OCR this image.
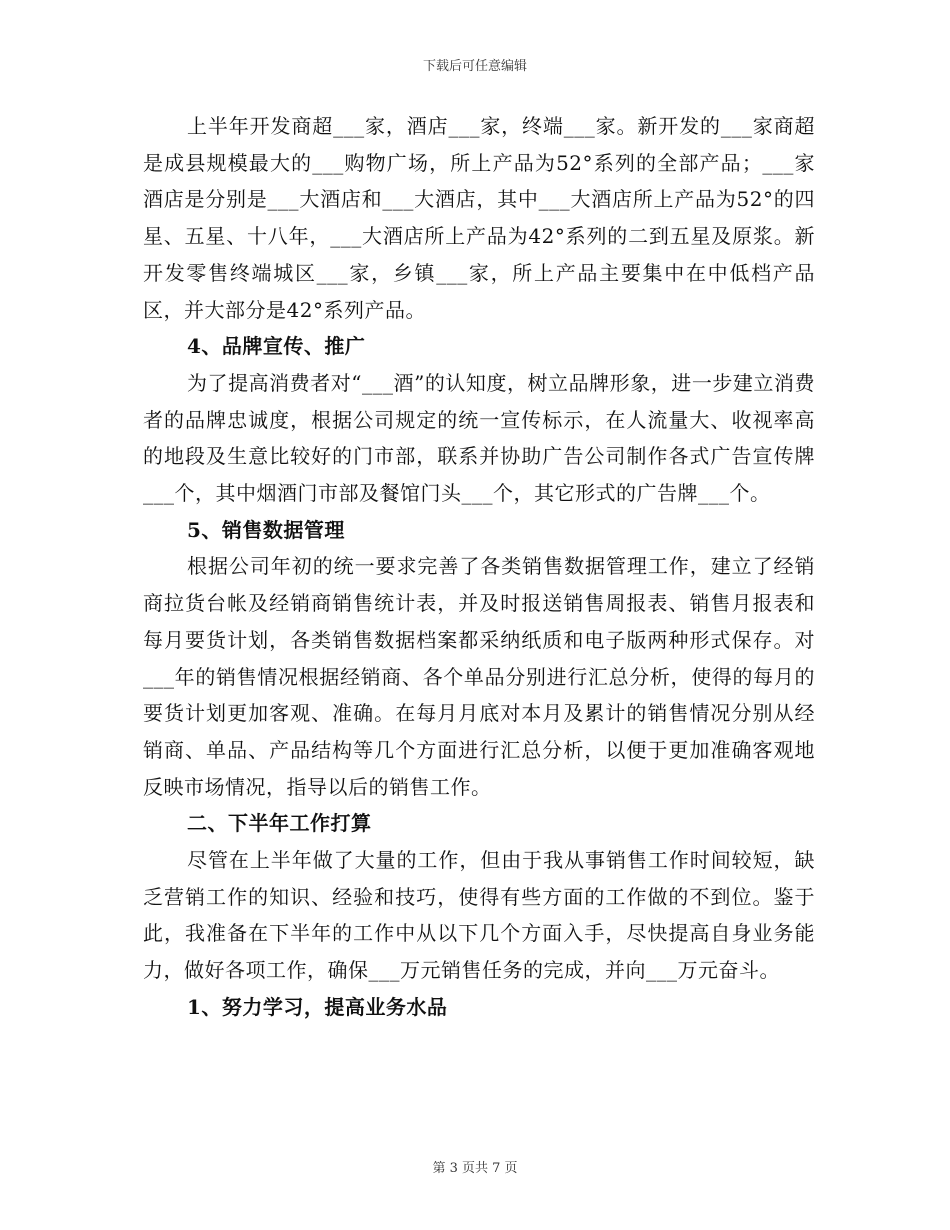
下载后可任意编辑

上半年开发商超___家，酒店___家，终端___家。新开发的___家商超是成县规模最大的___购物广场，所上产品为52°系列的全部产品；___家酒店是分别是___大酒店和___大酒店，其中___大酒店所上产品为52°的四星、五星、十八年，___大酒店所上产品为42°系列的二到五星及原浆。新开发零售终端城区___家，乡镇___家，所上产品主要集中在中低档产品区，并大部分是42°系列产品。

4、品牌宣传、推广

为了提高消费者对“___酒”的认知度，树立品牌形象，进一步建立消费者的品牌忠诚度，根据公司规定的统一宣传标示，在人流量大、收视率高的地段及生意比较好的门市部，联系并协助广告公司制作各式广告宣传牌___个，其中烟酒门市部及餐馆门头___个，其它形式的广告牌___个。

5、销售数据管理

根据公司年初的统一要求完善了各类销售数据管理工作，建立了经销商拉货台帐及经销商销售统计表，并及时报送销售周报表、销售月报表和每月要货计划，各类销售数据档案都采纳纸质和电子版两种形式保存。对___年的销售情况根据经销商、各个单品分别进行汇总分析，使得的每月的要货计划更加客观、准确。在每月月底对本月及累计的销售情况分别从经销商、单品、产品结构等几个方面进行汇总分析，以便于更加准确客观地反映市场情况，指导以后的销售工作。

二、下半年工作打算

尽管在上半年做了大量的工作，但由于我从事销售工作时间较短，缺乏营销工作的知识、经验和技巧，使得有些方面的工作做的不到位。鉴于此，我准备在下半年的工作中从以下几个方面入手，尽快提高自身业务能力，做好各项工作，确保___万元销售任务的完成，并向___万元奋斗。

1、努力学习，提高业务水品

第 3 页共 7 页
